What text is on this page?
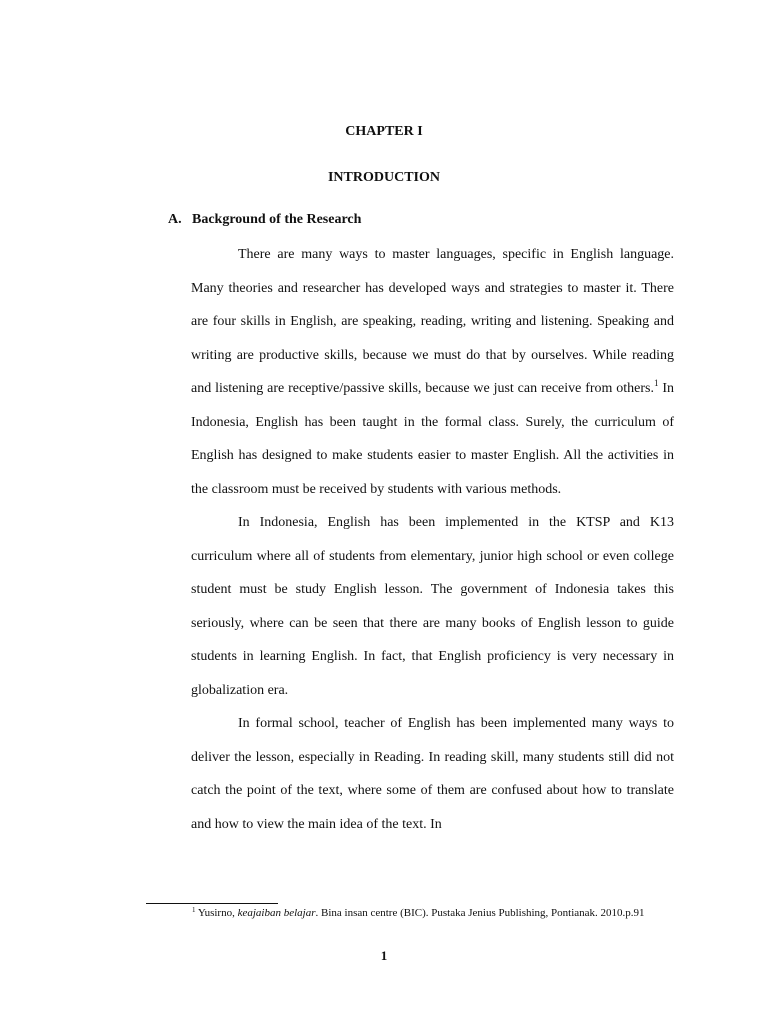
CHAPTER I
INTRODUCTION
A. Background of the Research

There are many ways to master languages, specific in English language. Many theories and researcher has developed ways and strategies to master it. There are four skills in English, are speaking, reading, writing and listening. Speaking and writing are productive skills, because we must do that by ourselves. While reading and listening are receptive/passive skills, because we just can receive from others.$^1$ In Indonesia, English has been taught in the formal class. Surely, the curriculum of English has designed to make students easier to master English. All the activities in the classroom must be received by students with various methods.

In Indonesia, English has been implemented in the KTSP and K13 curriculum where all of students from elementary, junior high school or even college student must be study English lesson. The government of Indonesia takes this seriously, where can be seen that there are many books of English lesson to guide students in learning English. In fact, that English proficiency is very necessary in globalization era.

In formal school, teacher of English has been implemented many ways to deliver the lesson, especially in Reading. In reading skill, many students still did not catch the point of the text, where some of them are confused about how to translate and how to view the main idea of the text. In

$^1$ Yusirno, keajaiban belajar. Bina insan centre (BIC). Pustaka Jenius Publishing, Pontianak. 2010.p.91
1
